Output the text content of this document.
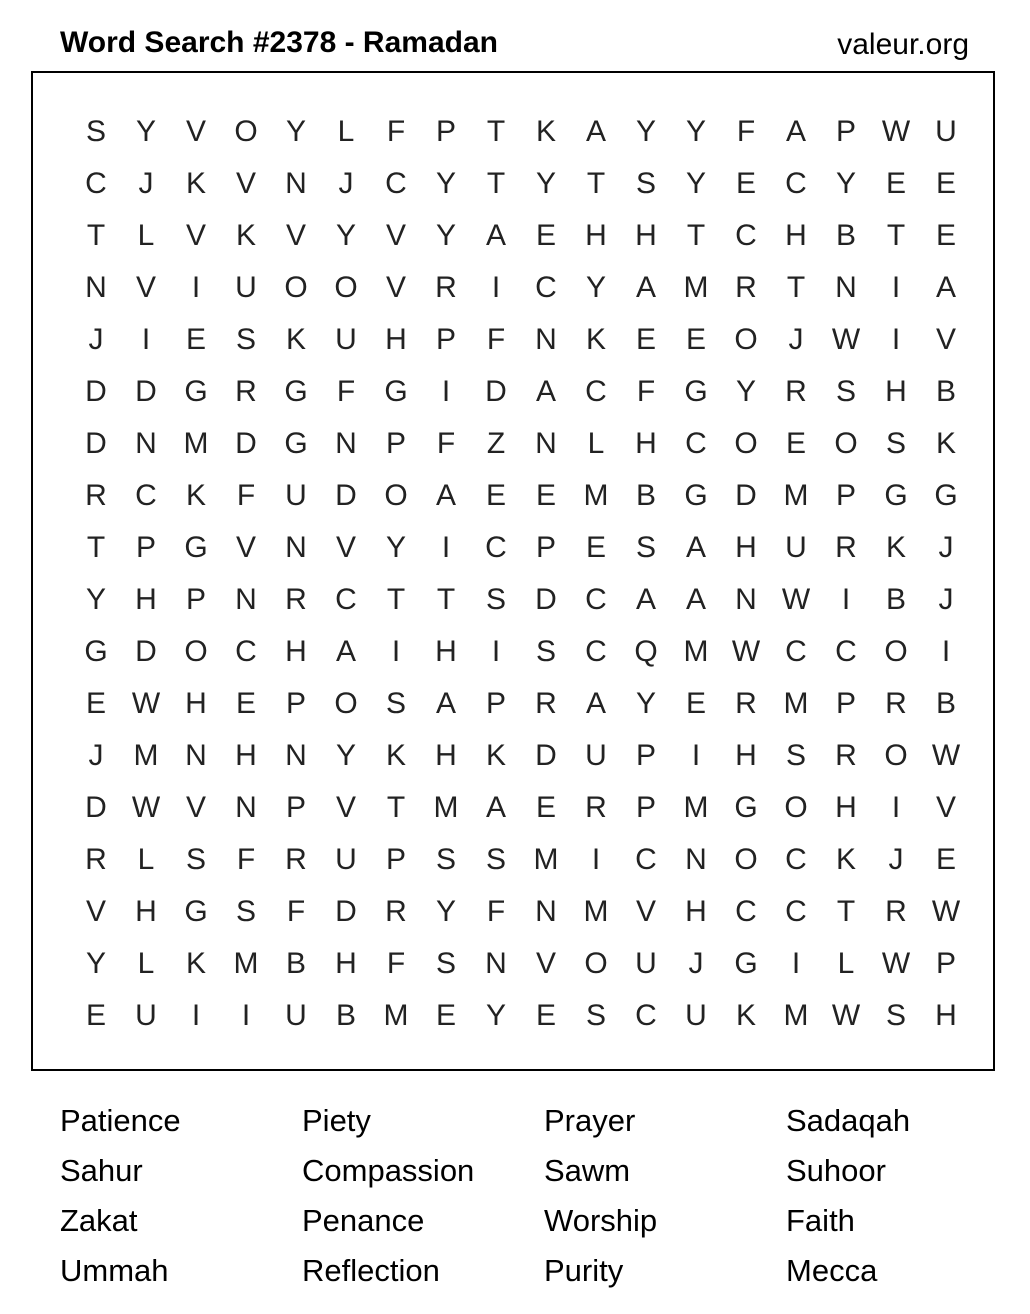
Word Search #2378 - Ramadan	valeur.org
S Y V O Y	L	F	P	T	K A Y Y	F	A P W U
C	J	K V N	J	C Y	T	Y	T	S Y E C Y E E
T	L	V K V Y V Y A E H H	T	C H B	T	E
N V	I	U O O V R	I	C Y A M R	T	N	I	A
J	I	E S K U H P	F	N K E E O	J W	I	V
D D G R G F G	I	D A C	F G Y R S H B
D N M D G N P	F	Z	N	L	H C O E O S K
R C K	F	U D O A E E M B G D M P G G
T	P G V N V Y	I	C P E S A H U R K	J
Y H P N R C	T	T	S D C A A N W	I	B	J
G D O C H A	I	H	I	S C Q M W C C O	I
E W H E P O S A P R A Y E R M P R B
J	M N H N Y K H K D U P	I	H S R O W
D W V N P V	T M A E R P M G O H	I	V
R	L	S	F	R U P S S M	I	C N O C K	J	E
V H G S	F	D R Y	F	N M V H C C	T	R W
Y	L	K M B H	F	S N V O U	J	G	I	L W P
E U	I	I	U B M E Y E S C U K M W S H
Patience	Piety	Prayer	Sadaqah
Sahur	Compassion	Sawm	Suhoor
Zakat	Penance	Worship	Faith
Ummah	Reflection	Purity	Mecca
